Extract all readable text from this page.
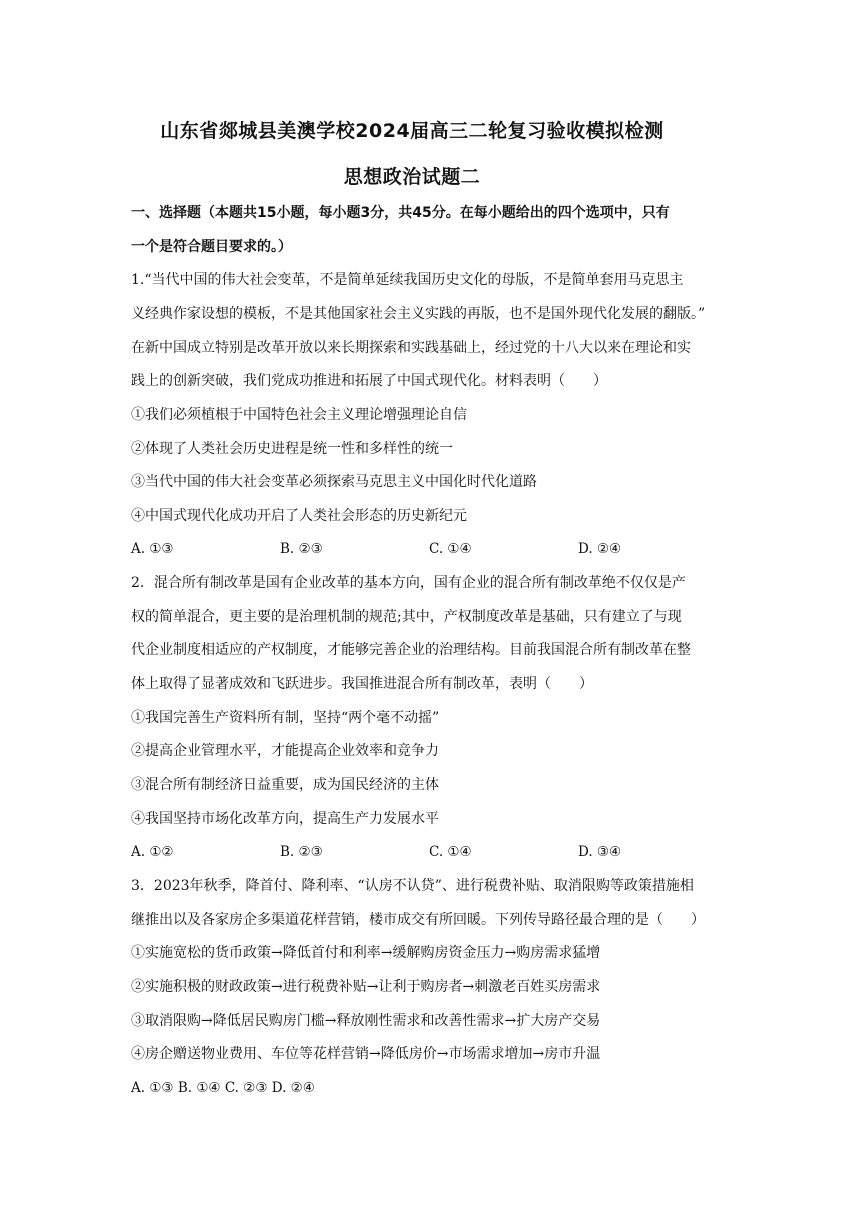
山东省郯城县美澳学校2024届高三二轮复习验收模拟检测
思想政治试题二
一、选择题（本题共15小题，每小题3分，共45分。在每小题给出的四个选项中，只有
一个是符合题目要求的。）
1.“当代中国的伟大社会变革，不是简单延续我国历史文化的母版，不是简单套用马克思主
义经典作家设想的模板，不是其他国家社会主义实践的再版，也不是国外现代化发展的翻版。”
在新中国成立特别是改革开放以来长期探索和实践基础上，经过党的十八大以来在理论和实
践上的创新突破，我们党成功推进和拓展了中国式现代化。材料表明（　　）
①我们必须植根于中国特色社会主义理论增强理论自信
②体现了人类社会历史进程是统一性和多样性的统一
③当代中国的伟大社会变革必须探索马克思主义中国化时代化道路
④中国式现代化成功开启了人类社会形态的历史新纪元
A. ①③	B. ②③	C. ①④	D. ②④
2．混合所有制改革是国有企业改革的基本方向，国有企业的混合所有制改革绝不仅仅是产
权的简单混合，更主要的是治理机制的规范;其中，产权制度改革是基础，只有建立了与现
代企业制度相适应的产权制度，才能够完善企业的治理结构。目前我国混合所有制改革在整
体上取得了显著成效和飞跃进步。我国推进混合所有制改革，表明（　　）
①我国完善生产资料所有制，坚持“两个毫不动摇”
②提高企业管理水平，才能提高企业效率和竞争力
③混合所有制经济日益重要，成为国民经济的主体
④我国坚持市场化改革方向，提高生产力发展水平
A. ①②	B. ②③	C. ①④	D. ③④
3．2023年秋季，降首付、降利率、“认房不认贷”、进行税费补贴、取消限购等政策措施相
继推出以及各家房企多渠道花样营销，楼市成交有所回暖。下列传导路径最合理的是（　　）
①实施宽松的货币政策→降低首付和利率→缓解购房资金压力→购房需求猛增
②实施积极的财政政策→进行税费补贴→让利于购房者→刺激老百姓买房需求
③取消限购→降低居民购房门槛→释放刚性需求和改善性需求→扩大房产交易
④房企赠送物业费用、车位等花样营销→降低房价→市场需求增加→房市升温
A. ①③ B. ①④ C. ②③ D. ②④
